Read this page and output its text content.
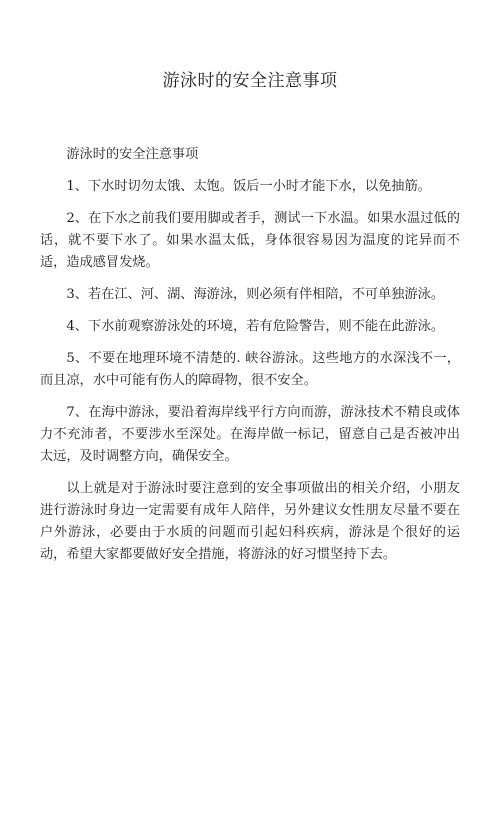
游泳时的安全注意事项

游泳时的安全注意事项

1、下水时切勿太饿、太饱。饭后一小时才能下水，以免抽筋。

2、在下水之前我们要用脚或者手，测试一下水温。如果水温过低的话，就不要下水了。如果水温太低，身体很容易因为温度的诧异而不适，造成感冒发烧。

3、若在江、河、湖、海游泳，则必须有伴相陪，不可单独游泳。

4、下水前观察游泳处的环境，若有危险警告，则不能在此游泳。

5、不要在地理环境不清楚的. 峡谷游泳。这些地方的水深浅不一，而且凉，水中可能有伤人的障碍物，很不安全。

7、在海中游泳，要沿着海岸线平行方向而游，游泳技术不精良或体力不充沛者，不要涉水至深处。在海岸做一标记，留意自己是否被冲出太远，及时调整方向，确保安全。

以上就是对于游泳时要注意到的安全事项做出的相关介绍，小朋友进行游泳时身边一定需要有成年人陪伴，另外建议女性朋友尽量不要在户外游泳，必要由于水质的问题而引起妇科疾病，游泳是个很好的运动，希望大家都要做好安全措施，将游泳的好习惯坚持下去。
